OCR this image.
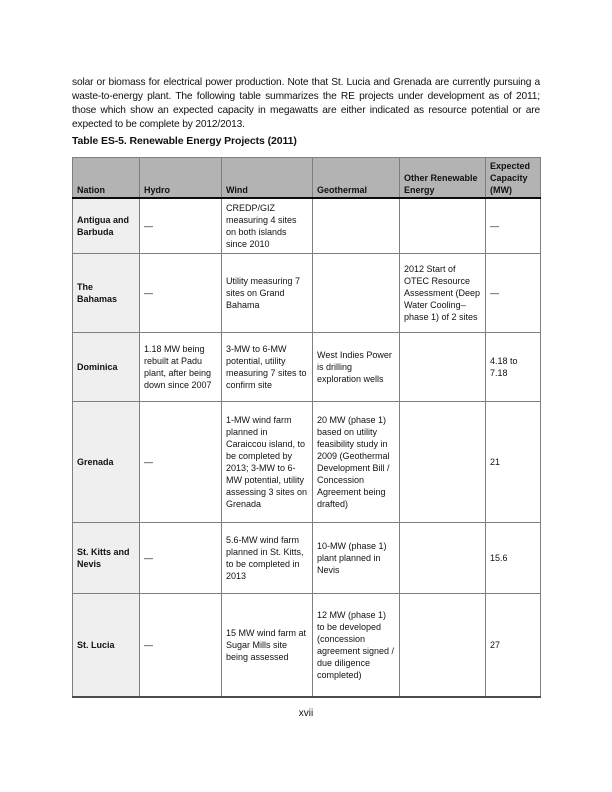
solar or biomass for electrical power production. Note that St. Lucia and Grenada are currently pursuing a waste-to-energy plant. The following table summarizes the RE projects under development as of 2011; those which show an expected capacity in megawatts are either indicated as resource potential or are expected to be complete by 2012/2013.

Table ES-5. Renewable Energy Projects (2011)
Nation	Hydro	Wind	Geothermal	Other Renewable Energy	Expected Capacity (MW)
Antigua and Barbuda	—	CREDP/GIZ measuring 4 sites on both islands since 2010			—
The Bahamas	—	Utility measuring 7 sites on Grand Bahama		2012 Start of OTEC Resource Assessment (Deep Water Cooling–phase 1) of 2 sites	—
Dominica	1.18 MW being rebuilt at Padu plant, after being down since 2007	3-MW to 6-MW potential, utility measuring 7 sites to confirm site	West Indies Power is drilling exploration wells		4.18 to 7.18
Grenada	—	1-MW wind farm planned in Caraiccou island, to be completed by 2013; 3-MW to 6-MW potential, utility assessing 3 sites on Grenada	20 MW (phase 1) based on utility feasibility study in 2009 (Geothermal Development Bill / Concession Agreement being drafted)		21
St. Kitts and Nevis	—	5.6-MW wind farm planned in St. Kitts, to be completed in 2013	10-MW (phase 1) plant planned in Nevis		15.6
St. Lucia	—	15 MW wind farm at Sugar Mills site being assessed	12 MW (phase 1) to be developed (concession agreement signed / due diligence completed)		27
xvii
